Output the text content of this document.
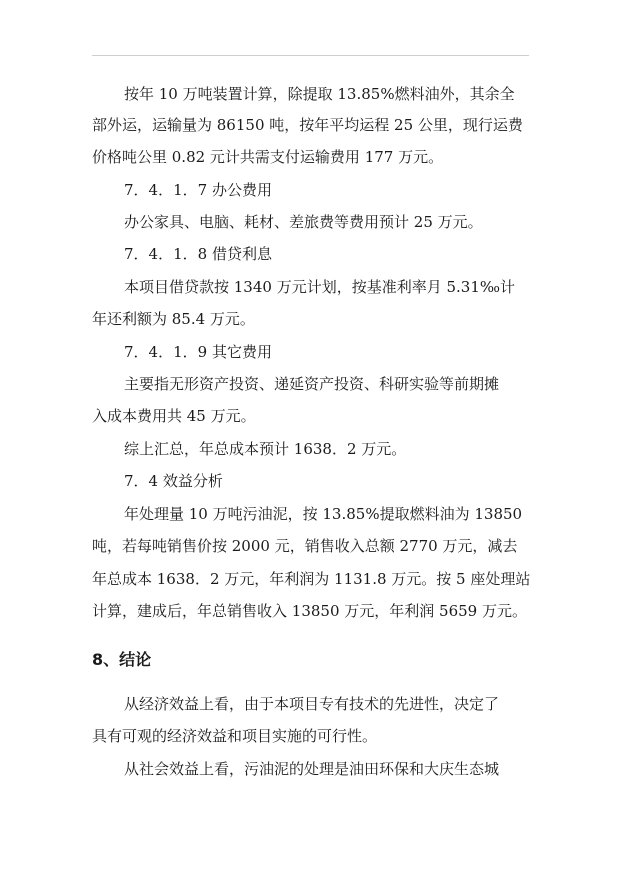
按年 10 万吨装置计算，除提取 13.85%燃料油外，其余全
部外运，运输量为 86150 吨，按年平均运程 25 公里，现行运费
价格吨公里 0.82 元计共需支付运输费用 177 万元。
7．4．1．7 办公费用
办公家具、电脑、耗材、差旅费等费用预计 25 万元。
7．4．1．8 借贷利息
本项目借贷款按 1340 万元计划，按基准利率月 5.31‰计
年还利额为 85.4 万元。
7．4．1．9 其它费用
主要指无形资产投资、递延资产投资、科研实验等前期摊
入成本费用共 45 万元。
综上汇总，年总成本预计 1638．2 万元。
7．4 效益分析
年处理量 10 万吨污油泥，按 13.85%提取燃料油为 13850
吨，若每吨销售价按 2000 元，销售收入总额 2770 万元，减去
年总成本 1638．2 万元，年利润为 1131.8 万元。按 5 座处理站
计算，建成后，年总销售收入 13850 万元，年利润 5659 万元。
8、结论
从经济效益上看，由于本项目专有技术的先进性，决定了
具有可观的经济效益和项目实施的可行性。
从社会效益上看，污油泥的处理是油田环保和大庆生态城
